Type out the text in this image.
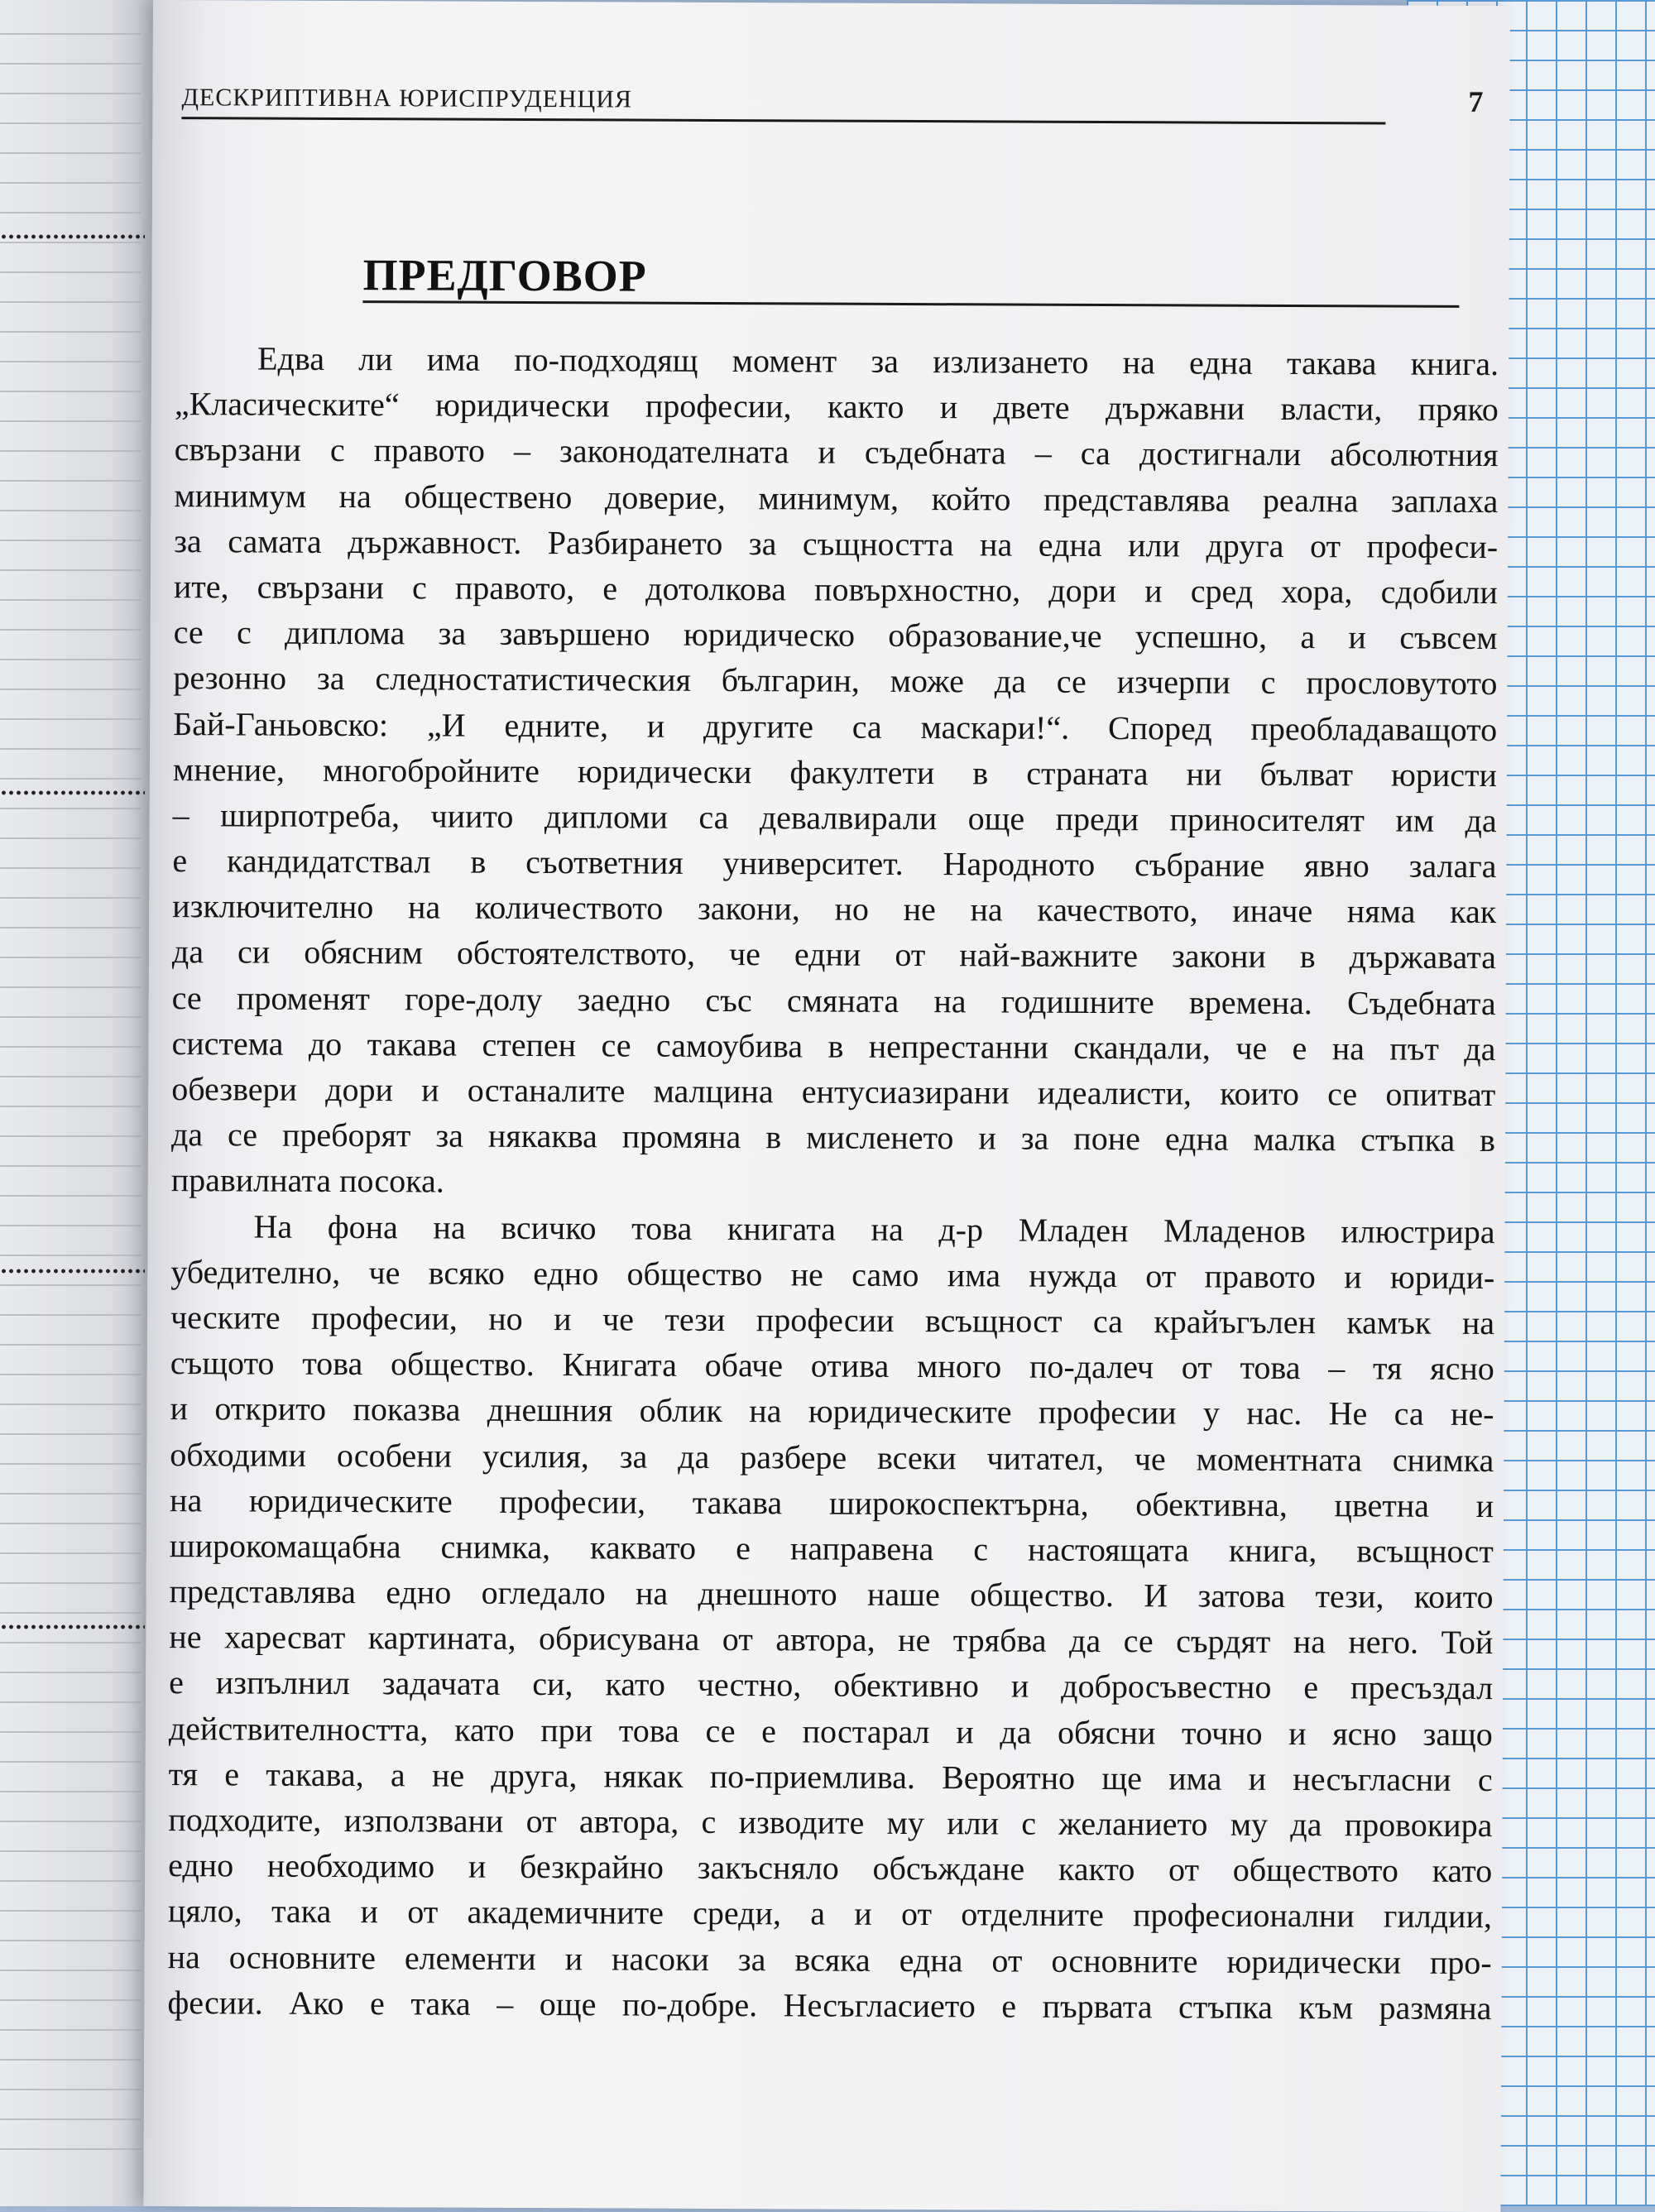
ДЕСКРИПТИВНА ЮРИСПРУДЕНЦИЯ	7
ПРЕДГОВОР
Едва ли има по-подходящ момент за излизането на една такава книга.
„Класическите“ юридически професии, както и двете държавни власти, пряко
свързани с правото – законодателната и съдебната – са достигнали абсолютния
минимум на обществено доверие, минимум, който представлява реална заплаха
за самата държавност. Разбирането за същността на една или друга от професи-
ите, свързани с правото, е дотолкова повърхностно, дори и сред хора, сдобили
се с диплома за завършено юридическо образование,че успешно, а и съвсем
резонно за следностатистическия българин, може да се изчерпи с прословутото
Бай-Ганьовско: „И едните, и другите са маскари!“. Според преобладаващото
мнение, многобройните юридически факултети в страната ни бълват юристи
– ширпотреба, чиито дипломи са девалвирали още преди приносителят им да
е кандидатствал в съответния университет. Народното събрание явно залага
изключително на количеството закони, но не на качеството, иначе няма как
да си обясним обстоятелството, че едни от най-важните закони в държавата
се променят горе-долу заедно със смяната на годишните времена. Съдебната
система до такава степен се самоубива в непрестанни скандали, че е на път да
обезвери дори и останалите малцина ентусиазирани идеалисти, които се опитват
да се преборят за някаква промяна в мисленето и за поне една малка стъпка в
правилната посока.
На фона на всичко това книгата на д-р Младен Младенов илюстрира
убедително, че всяко едно общество не само има нужда от правото и юриди-
ческите професии, но и че тези професии всъщност са крайъгълен камък на
същото това общество. Книгата обаче отива много по-далеч от това – тя ясно
и открито показва днешния облик на юридическите професии у нас. Не са не-
обходими особени усилия, за да разбере всеки читател, че моментната снимка
на юридическите професии, такава широкоспектърна, обективна, цветна и
широкомащабна снимка, каквато е направена с настоящата книга, всъщност
представлява едно огледало на днешното наше общество. И затова тези, които
не харесват картината, обрисувана от автора, не трябва да се сърдят на него. Той
е изпълнил задачата си, като честно, обективно и добросъвестно е пресъздал
действителността, като при това се е постарал и да обясни точно и ясно защо
тя е такава, а не друга, някак по-приемлива. Вероятно ще има и несъгласни с
подходите, използвани от автора, с изводите му или с желанието му да провокира
едно необходимо и безкрайно закъсняло обсъждане както от обществото като
цяло, така и от академичните среди, а и от отделните професионални гилдии,
на основните елементи и насоки за всяка една от основните юридически про-
фесии. Ако е така – още по-добре. Несъгласието е първата стъпка към размяна
